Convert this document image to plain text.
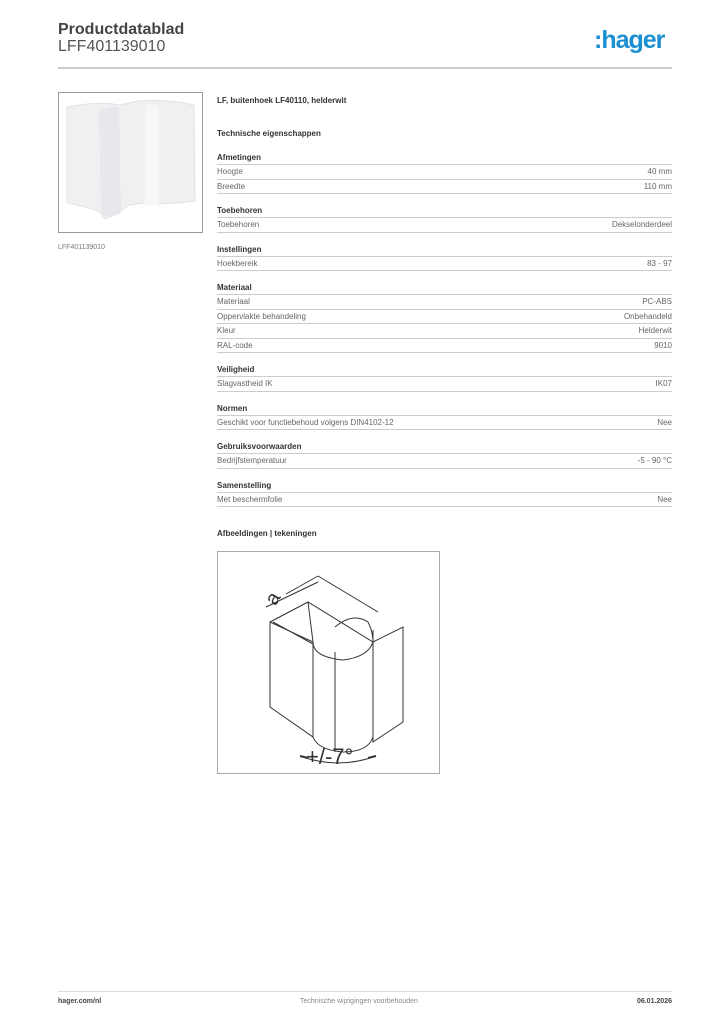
Productdatablad
LFF401139010	:hager
LFF401139010
LF, buitenhoek LF40110, helderwit
Technische eigenschappen
Afmetingen
Hoogte	40 mm
Breedte	110 mm
Toebehoren
Toebehoren	Dekselonderdeel
Instellingen
Hoekbereik	83 - 97
Materiaal
Materiaal	PC-ABS
Oppervlakte behandeling	Onbehandeld
Kleur	Helderwit
RAL-code	9010
Veiligheid
Slagvastheid IK	IK07
Normen
Geschikt voor functiebehoud volgens DIN4102-12	Nee
Gebruiksvoorwaarden
Bedrijfstemperatuur	-5 - 90 °C
Samenstelling
Met beschermfolie	Nee
Afbeeldingen | tekeningen
a
+/-7°
hager.com/nl	Technische wijzigingen voorbehouden	06.01.2026
